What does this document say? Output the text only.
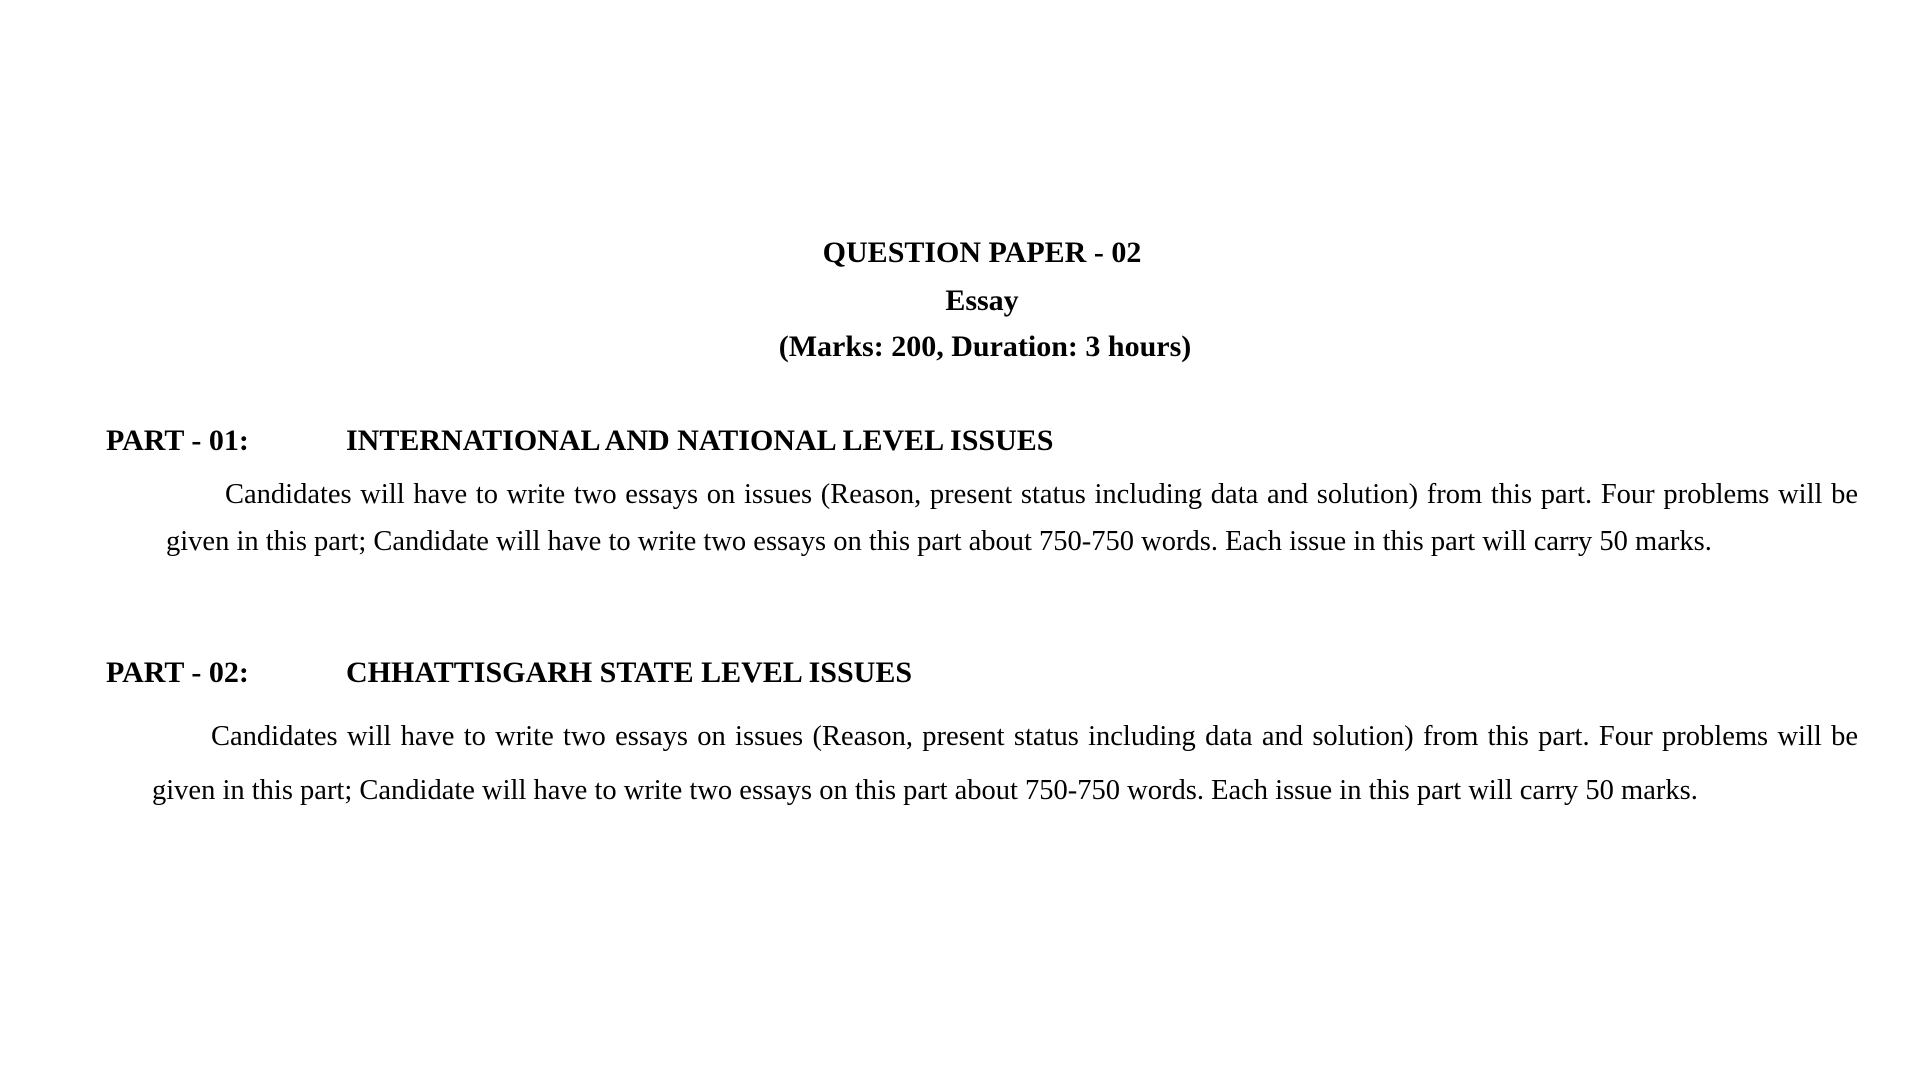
QUESTION PAPER - 02
Essay
(Marks: 200, Duration: 3 hours)
PART - 01:	INTERNATIONAL AND NATIONAL LEVEL ISSUES
Candidates will have to write two essays on issues (Reason, present status including data and solution) from this part. Four problems will be given in this part; Candidate will have to write two essays on this part about 750-750 words. Each issue in this part will carry 50 marks.
PART - 02:	CHHATTISGARH STATE LEVEL ISSUES
Candidates will have to write two essays on issues (Reason, present status including data and solution) from this part. Four problems will be given in this part; Candidate will have to write two essays on this part about 750-750 words. Each issue in this part will carry 50 marks.
